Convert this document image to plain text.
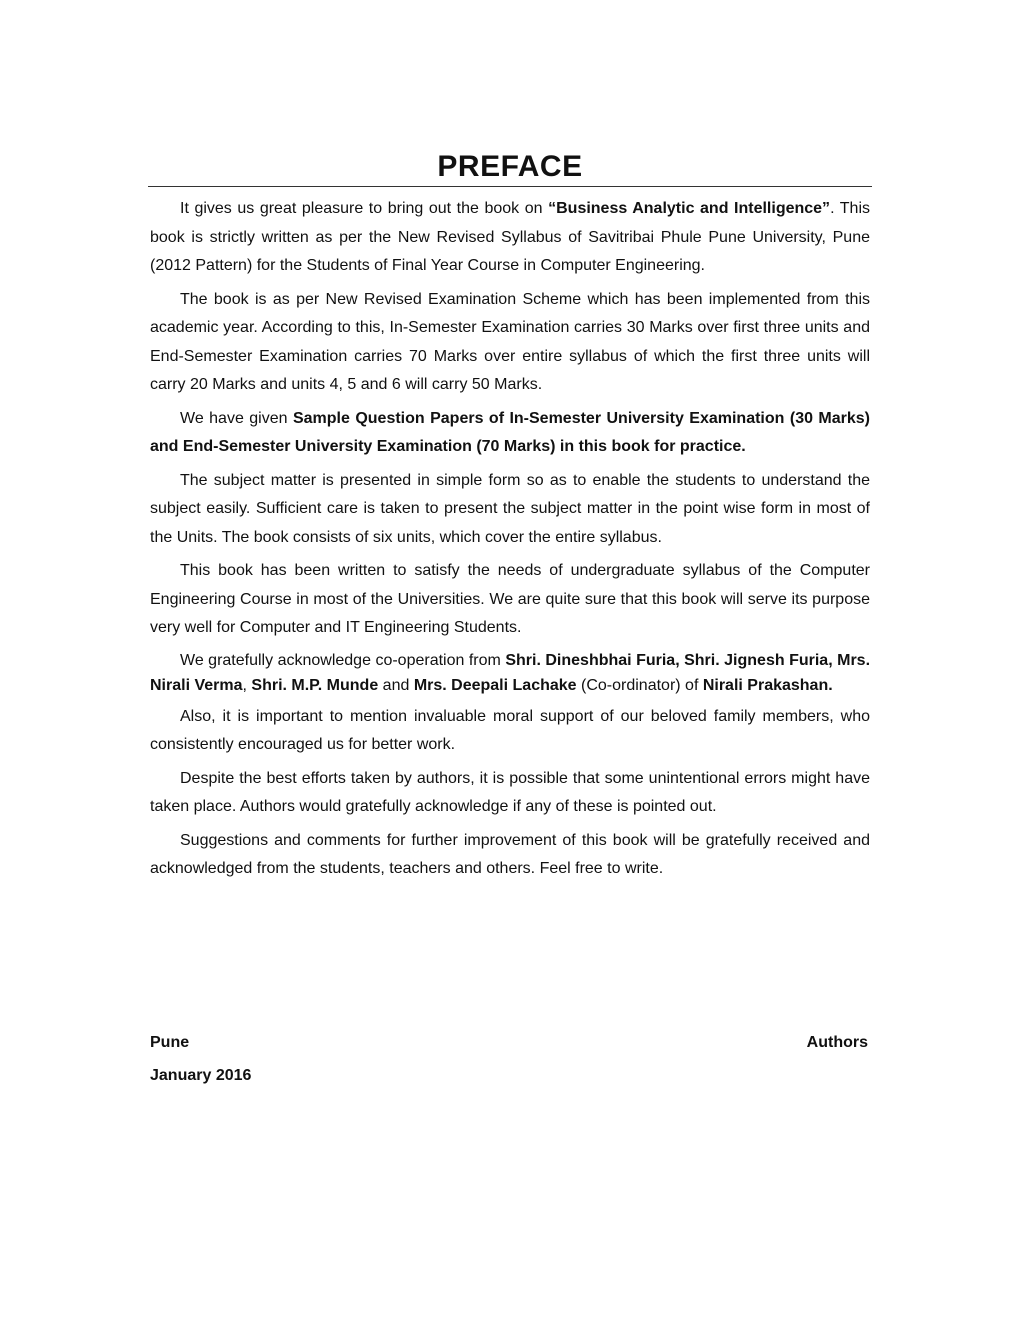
PREFACE

It gives us great pleasure to bring out the book on “Business Analytic and Intelligence”. This book is strictly written as per the New Revised Syllabus of Savitribai Phule Pune University, Pune (2012 Pattern) for the Students of Final Year Course in Computer Engineering.

The book is as per New Revised Examination Scheme which has been implemented from this academic year. According to this, In-Semester Examination carries 30 Marks over first three units and End-Semester Examination carries 70 Marks over entire syllabus of which the first three units will carry 20 Marks and units 4, 5 and 6 will carry 50 Marks.

We have given Sample Question Papers of In-Semester University Examination (30 Marks) and End-Semester University Examination (70 Marks) in this book for practice.

The subject matter is presented in simple form so as to enable the students to understand the subject easily. Sufficient care is taken to present the subject matter in the point wise form in most of the Units. The book consists of six units, which cover the entire syllabus.

This book has been written to satisfy the needs of undergraduate syllabus of the Computer Engineering Course in most of the Universities. We are quite sure that this book will serve its purpose very well for Computer and IT Engineering Students.

We gratefully acknowledge co-operation from Shri. Dineshbhai Furia, Shri. Jignesh Furia, Mrs. Nirali Verma, Shri. M.P. Munde and Mrs. Deepali Lachake (Co-ordinator) of Nirali Prakashan.

Also, it is important to mention invaluable moral support of our beloved family members, who consistently encouraged us for better work.

Despite the best efforts taken by authors, it is possible that some unintentional errors might have taken place. Authors would gratefully acknowledge if any of these is pointed out.

Suggestions and comments for further improvement of this book will be gratefully received and acknowledged from the students, teachers and others. Feel free to write.

Pune	Authors
January 2016
